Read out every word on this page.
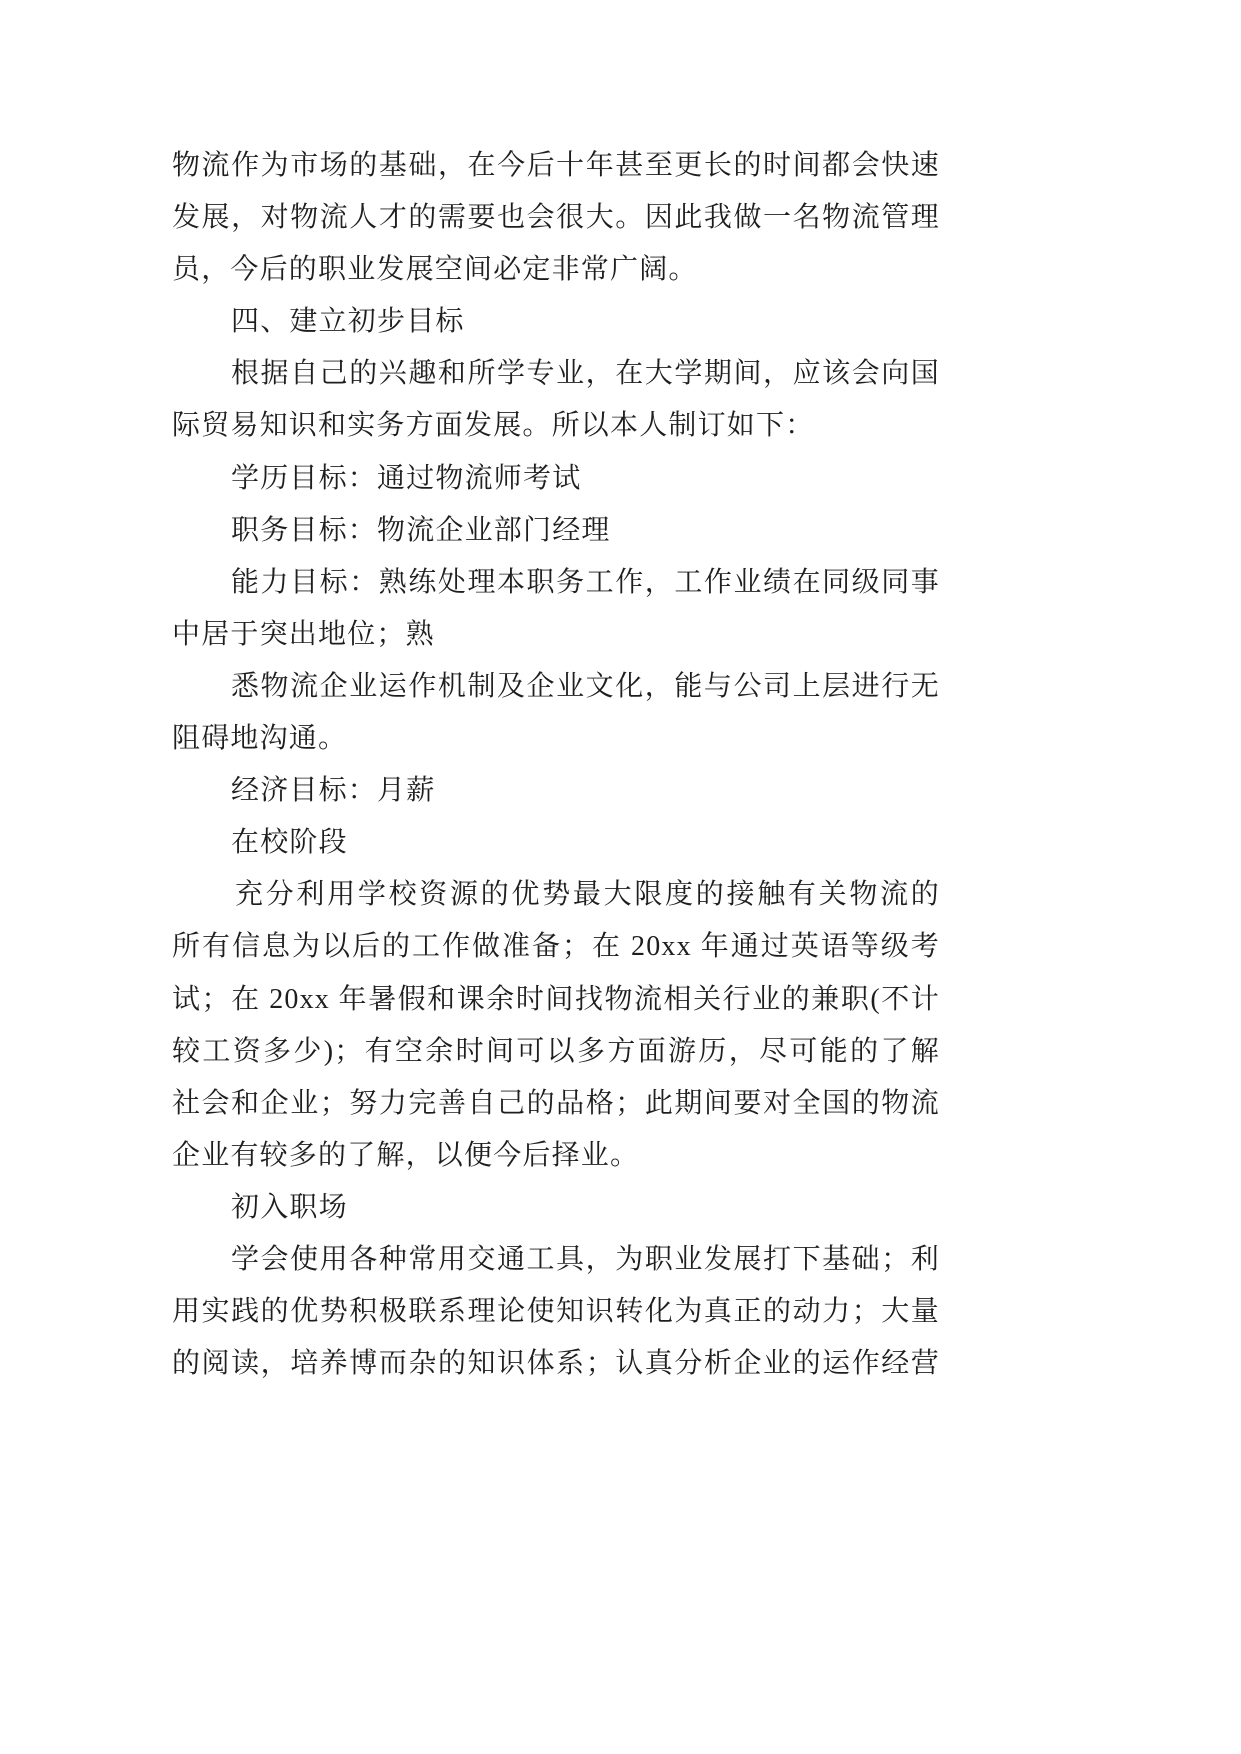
物流作为市场的基础，在今后十年甚至更长的时间都会快速
发展，对物流人才的需要也会很大。因此我做一名物流管理
员，今后的职业发展空间必定非常广阔。
四、建立初步目标
根据自己的兴趣和所学专业，在大学期间，应该会向国
际贸易知识和实务方面发展。所以本人制订如下：
学历目标：通过物流师考试
职务目标：物流企业部门经理
能力目标：熟练处理本职务工作，工作业绩在同级同事
中居于突出地位；熟
悉物流企业运作机制及企业文化，能与公司上层进行无
阻碍地沟通。
经济目标：月薪
在校阶段
充分利用学校资源的优势最大限度的接触有关物流的
所有信息为以后的工作做准备；在 20xx 年通过英语等级考
试；在 20xx 年暑假和课余时间找物流相关行业的兼职(不计
较工资多少)；有空余时间可以多方面游历，尽可能的了解
社会和企业；努力完善自己的品格；此期间要对全国的物流
企业有较多的了解，以便今后择业。
初入职场
学会使用各种常用交通工具，为职业发展打下基础；利
用实践的优势积极联系理论使知识转化为真正的动力；大量
的阅读，培养博而杂的知识体系；认真分析企业的运作经营
